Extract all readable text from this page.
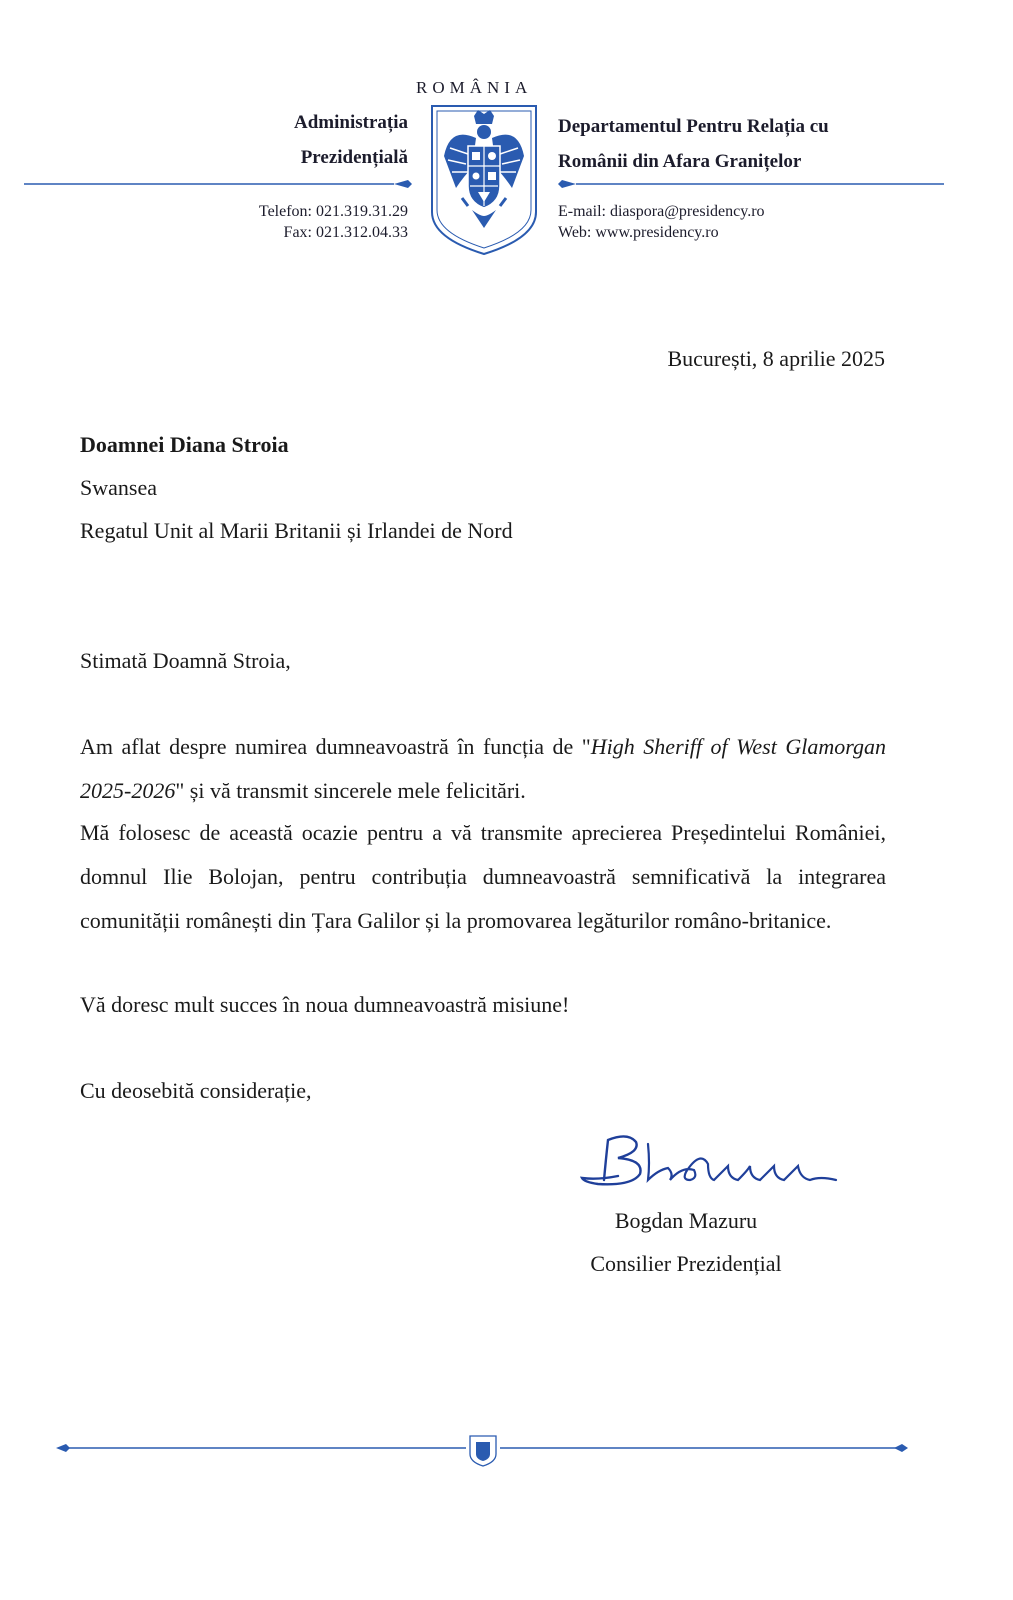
ROMÂNIA
Administrația
Prezidențială
Departamentul Pentru Relația cu
Românii din Afara Granițelor
Telefon: 021.319.31.29
Fax: 021.312.04.33
E-mail: diaspora@presidency.ro
Web: www.presidency.ro
București, 8 aprilie 2025
Doamnei Diana Stroia
Swansea
Regatul Unit al Marii Britanii și Irlandei de Nord
Stimată Doamnă Stroia,
Am aflat despre numirea dumneavoastră în funcția de "High Sheriff of West Glamorgan 2025-2026" și vă transmit sincerele mele felicitări.
Mă folosesc de această ocazie pentru a vă transmite aprecierea Președintelui României, domnul Ilie Bolojan, pentru contribuția dumneavoastră semnificativă la integrarea comunității românești din Țara Galilor și la promovarea legăturilor româno-britanice.
Vă doresc mult succes în noua dumneavoastră misiune!
Cu deosebită considerație,
Bogdan Mazuru
Consilier Prezidențial
